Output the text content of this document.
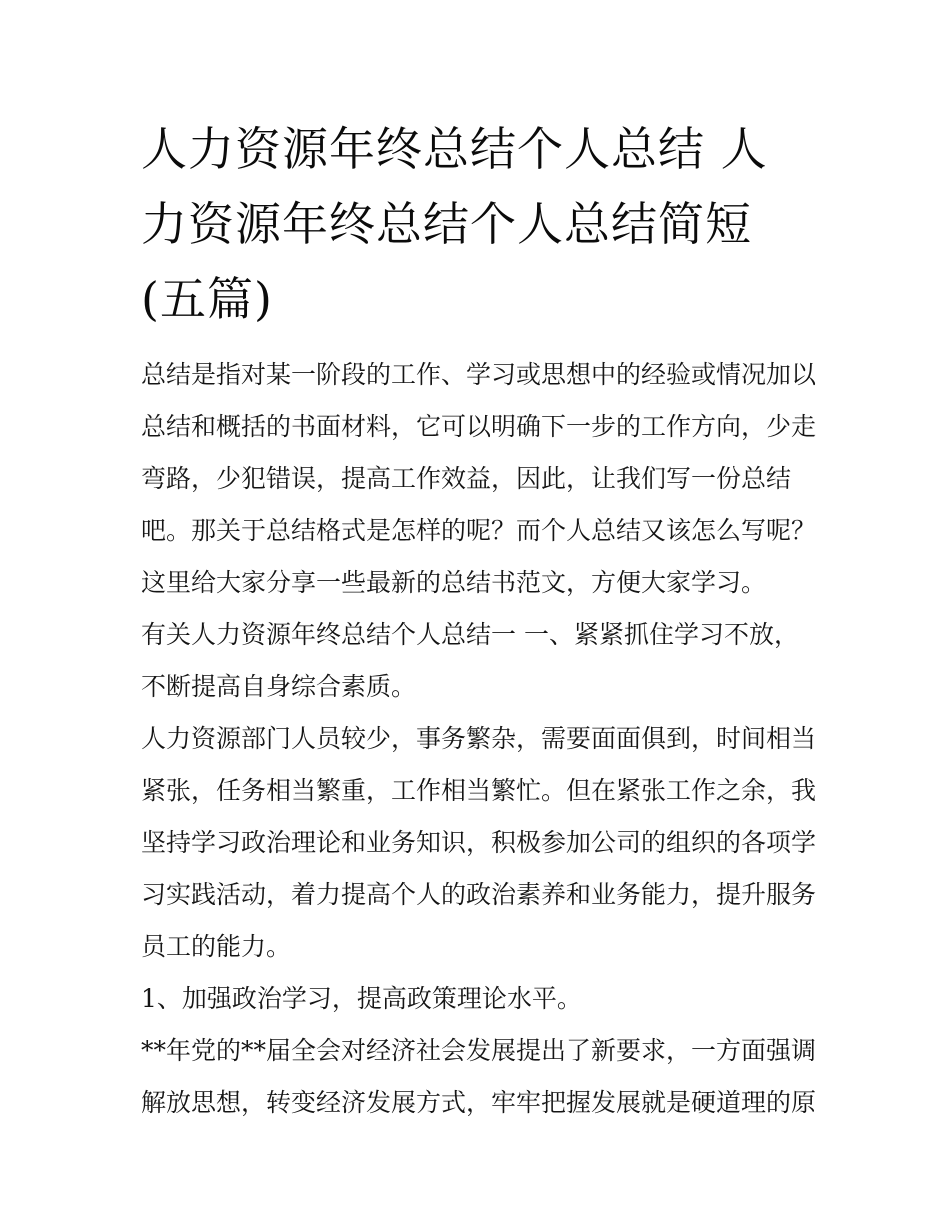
人力资源年终总结个人总结 人
力资源年终总结个人总结简短
(五篇)

总结是指对某一阶段的工作、学习或思想中的经验或情况加以
总结和概括的书面材料，它可以明确下一步的工作方向，少走
弯路，少犯错误，提高工作效益，因此，让我们写一份总结
吧。那关于总结格式是怎样的呢？而个人总结又该怎么写呢？
这里给大家分享一些最新的总结书范文，方便大家学习。

有关人力资源年终总结个人总结一 一、紧紧抓住学习不放，
不断提高自身综合素质。

人力资源部门人员较少，事务繁杂，需要面面俱到，时间相当
紧张，任务相当繁重，工作相当繁忙。但在紧张工作之余，我
坚持学习政治理论和业务知识，积极参加公司的组织的各项学
习实践活动，着力提高个人的政治素养和业务能力，提升服务
员工的能力。

1、加强政治学习，提高政策理论水平。

**年党的**届全会对经济社会发展提出了新要求，一方面强调
解放思想，转变经济发展方式，牢牢把握发展就是硬道理的原
